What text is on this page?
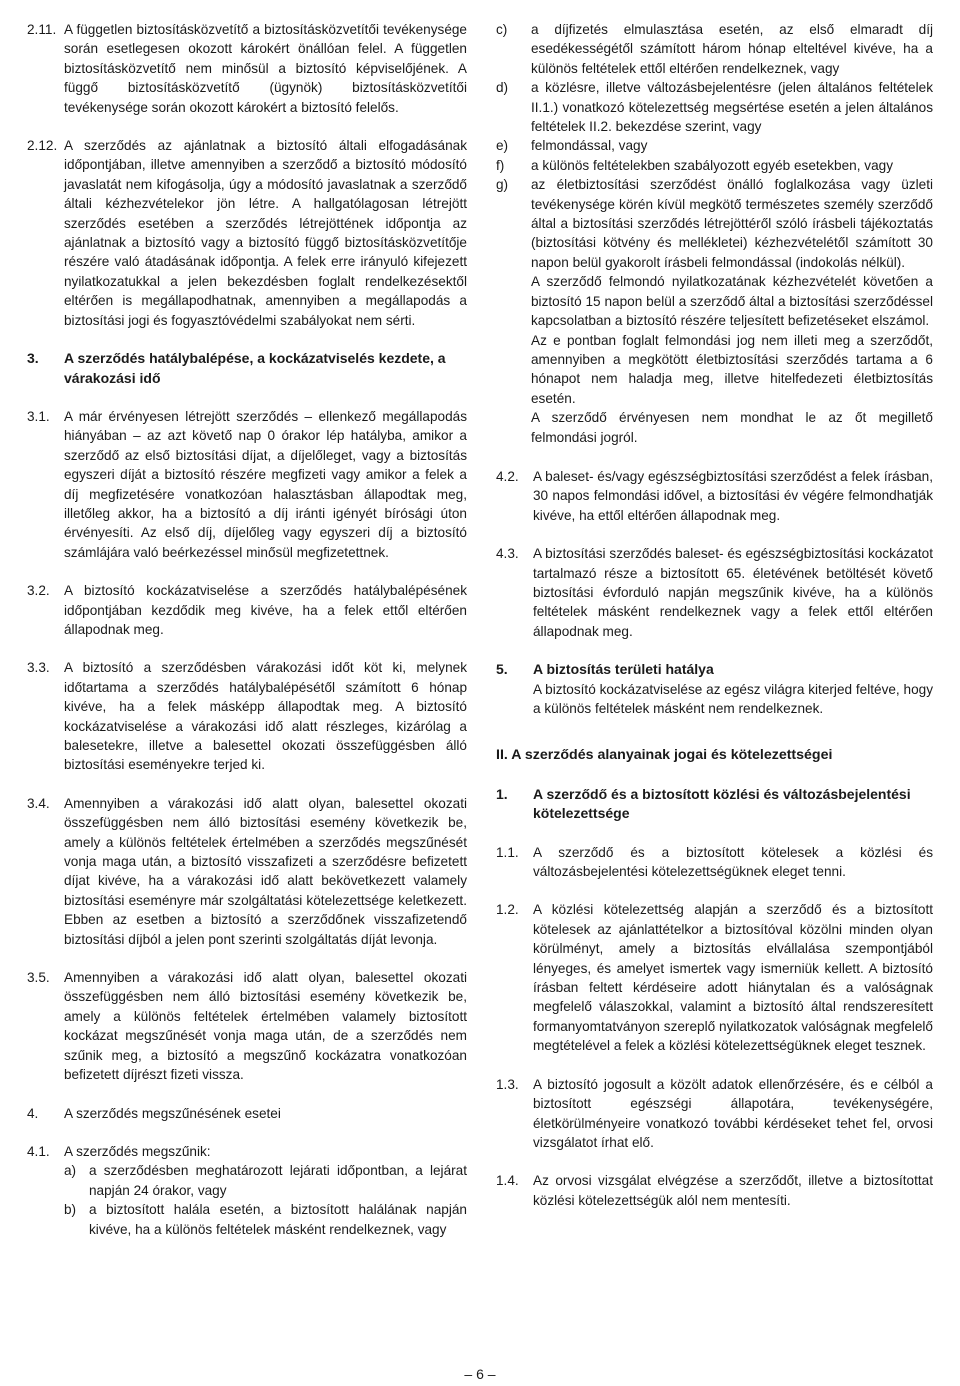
2.11. A független biztosításközvetítő a biztosításközvetítői tevékenysége során esetlegesen okozott károkért önállóan felel. A független biztosításközvetítő nem minősül a biztosító képviselőjének. A függő biztosításközvetítő (ügynök) biztosításközvetítői tevékenysége során okozott károkért a biztosító felelős.
2.12. A szerződés az ajánlatnak a biztosító általi elfogadásának időpontjában, illetve amennyiben a szerződő a biztosító módosító javaslatát nem kifogásolja, úgy a módosító javaslatnak a szerződő általi kézhezvételekor jön létre. A hallgatólagosan létrejött szerződés esetében a szerződés létrejöttének időpontja az ajánlatnak a biztosító vagy a biztosító függő biztosításközvetítője részére való átadásának időpontja. A felek erre irányuló kifejezett nyilatkozatukkal a jelen bekezdésben foglalt rendelkezésektől eltérően is megállapodhatnak, amennyiben a megállapodás a biztosítási jogi és fogyasztóvédelmi szabályokat nem sérti.
3.	A szerződés hatálybalépése, a kockázatviselés kezdete, a várakozási idő
3.1.	A már érvényesen létrejött szerződés – ellenkező megállapodás hiányában – az azt követő nap 0 órakor lép hatályba, amikor a szerződő az első biztosítási díjat, a díjelőleget, vagy a biztosítás egyszeri díját a biztosító részére megfizeti vagy amikor a felek a díj megfizetésére vonatkozóan halasztásban állapodtak meg, illetőleg akkor, ha a biztosító a díj iránti igényét bírósági úton érvényesíti. Az első díj, díjelőleg vagy egyszeri díj a biztosító számlájára való beérkezéssel minősül megfizetettnek.
3.2.	A biztosító kockázatviselése a szerződés hatálybalépésének időpontjában kezdődik meg kivéve, ha a felek ettől eltérően állapodnak meg.
3.3.	A biztosító a szerződésben várakozási időt köt ki, melynek időtartama a szerződés hatálybalépésétől számított 6 hónap kivéve, ha a felek másképp állapodtak meg. A biztosító kockázatviselése a várakozási idő alatt részleges, kizárólag a balesetekre, illetve a balesettel okozati összefüggésben álló biztosítási eseményekre terjed ki.
3.4.	Amennyiben a várakozási idő alatt olyan, balesettel okozati összefüggésben nem álló biztosítási esemény következik be, amely a különös feltételek értelmében a szerződés megszűnését vonja maga után, a biztosító visszafizeti a szerződésre befizetett díjat kivéve, ha a várakozási idő alatt bekövetkezett valamely biztosítási eseményre már szolgáltatási kötelezettsége keletkezett. Ebben az esetben a biztosító a szerződőnek visszafizetendő biztosítási díjból a jelen pont szerinti szolgáltatás díját levonja.
3.5.	Amennyiben a várakozási idő alatt olyan, balesettel okozati összefüggésben nem álló biztosítási esemény következik be, amely a különös feltételek értelmében valamely biztosított kockázat megszűnését vonja maga után, de a szerződés nem szűnik meg, a biztosító a megszűnő kockázatra vonatkozóan befizetett díjrészt fizeti vissza.
4.	A szerződés megszűnésének esetei
4.1.	A szerződés megszűnik:
a) a szerződésben meghatározott lejárati időpontban, a lejárat napján 24 órakor, vagy
b) a biztosított halála esetén, a biztosított halálának napján kivéve, ha a különös feltételek másként rendelkeznek, vagy
c)	a díjfizetés elmulasztása esetén, az első elmaradt díj esedékességétől számított három hónap elteltével kivéve, ha a különös feltételek ettől eltérően rendelkeznek, vagy
d)	a közlésre, illetve változásbejelentésre (jelen általános feltételek II.1.) vonatkozó kötelezettség megsértése esetén a jelen általános feltételek II.2. bekezdése szerint, vagy
e)	felmondással, vagy
f)	a különös feltételekben szabályozott egyéb esetekben, vagy
g)	az életbiztosítási szerződést önálló foglalkozása vagy üzleti tevékenysége körén kívül megkötő természetes személy szerződő által a biztosítási szerződés létrejöttéről szóló írásbeli tájékoztatás (biztosítási kötvény és mellékletei) kézhezvételétől számított 30 napon belül gyakorolt írásbeli felmondással (indokolás nélkül).
A szerződő felmondó nyilatkozatának kézhezvételét követően a biztosító 15 napon belül a szerződő által a biztosítási szerződéssel kapcsolatban a biztosító részére teljesített befizetéseket elszámol.
Az e pontban foglalt felmondási jog nem illeti meg a szerződőt, amennyiben a megkötött életbiztosítási szerződés tartama a 6 hónapot nem haladja meg, illetve hitelfedezeti életbiztosítás esetén.
A szerződő érvényesen nem mondhat le az őt megillető felmondási jogról.
4.2.	A baleset- és/vagy egészségbiztosítási szerződést a felek írásban, 30 napos felmondási idővel, a biztosítási év végére felmondhatják kivéve, ha ettől eltérően állapodnak meg.
4.3.	A biztosítási szerződés baleset- és egészségbiztosítási kockázatot tartalmazó része a biztosított 65. életévének betöltését követő biztosítási évforduló napján megszűnik kivéve, ha a különös feltételek másként rendelkeznek vagy a felek ettől eltérően állapodnak meg.
5.	A biztosítás területi hatálya
A biztosító kockázatviselése az egész világra kiterjed feltéve, hogy a különös feltételek másként nem rendelkeznek.
II. A szerződés alanyainak jogai és kötelezettségei
1.	A szerződő és a biztosított közlési és változásbejelentési kötelezettsége
1.1.	A szerződő és a biztosított kötelesek a közlési és változásbejelentési kötelezettségüknek eleget tenni.
1.2.	A közlési kötelezettség alapján a szerződő és a biztosított kötelesek az ajánlattételkor a biztosítóval közölni minden olyan körülményt, amely a biztosítás elvállalása szempontjából lényeges, és amelyet ismertek vagy ismerniük kellett. A biztosító írásban feltett kérdéseire adott hiánytalan és a valóságnak megfelelő válaszokkal, valamint a biztosító által rendszeresített formanyomtatványon szereplő nyilatkozatok valóságnak megfelelő megtételével a felek a közlési kötelezettségüknek eleget tesznek.
1.3.	A biztosító jogosult a közölt adatok ellenőrzésére, és e célból a biztosított egészségi állapotára, tevékenységére, életkörülményeire vonatkozó további kérdéseket tehet fel, orvosi vizsgálatot írhat elő.
1.4.	Az orvosi vizsgálat elvégzése a szerződőt, illetve a biztosítottat közlési kötelezettségük alól nem mentesíti.
– 6 –
